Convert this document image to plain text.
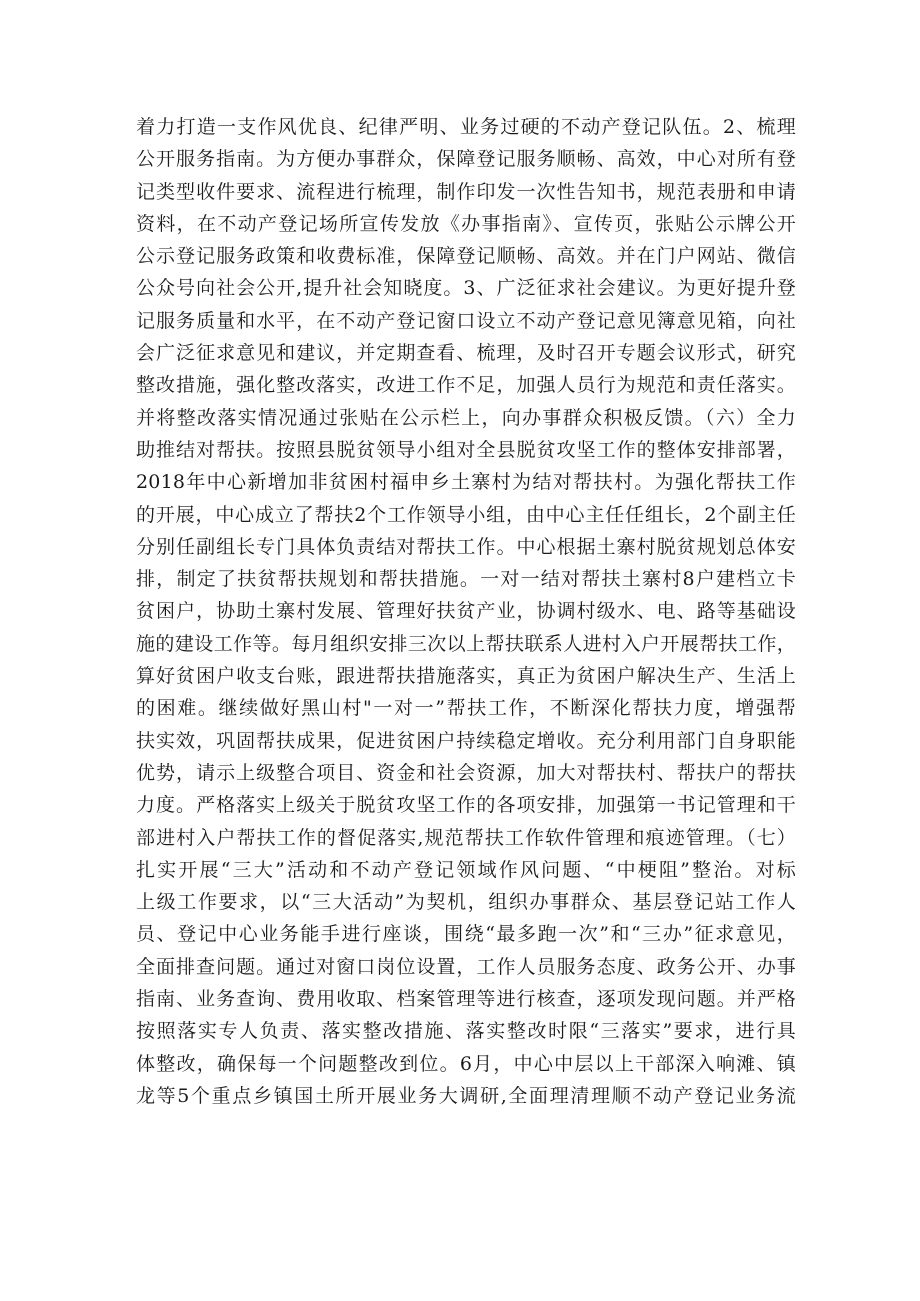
着力打造一支作风优良、纪律严明、业务过硬的不动产登记队伍。2、梳理
公开服务指南。为方便办事群众，保障登记服务顺畅、高效，中心对所有登
记类型收件要求、流程进行梳理，制作印发一次性告知书，规范表册和申请
资料，在不动产登记场所宣传发放《办事指南》、宣传页，张贴公示牌公开
公示登记服务政策和收费标准，保障登记顺畅、高效。并在门户网站、微信
公众号向社会公开,提升社会知晓度。3、广泛征求社会建议。为更好提升登
记服务质量和水平，在不动产登记窗口设立不动产登记意见簿意见箱，向社
会广泛征求意见和建议，并定期查看、梳理，及时召开专题会议形式，研究
整改措施，强化整改落实，改进工作不足，加强人员行为规范和责任落实。
并将整改落实情况通过张贴在公示栏上，向办事群众积极反馈。（六）全力
助推结对帮扶。按照县脱贫领导小组对全县脱贫攻坚工作的整体安排部署，
2018年中心新增加非贫困村福申乡土寨村为结对帮扶村。为强化帮扶工作
的开展，中心成立了帮扶2个工作领导小组，由中心主任任组长，2个副主任
分别任副组长专门具体负责结对帮扶工作。中心根据土寨村脱贫规划总体安
排，制定了扶贫帮扶规划和帮扶措施。一对一结对帮扶土寨村8户建档立卡
贫困户，协助土寨村发展、管理好扶贫产业，协调村级水、电、路等基础设
施的建设工作等。每月组织安排三次以上帮扶联系人进村入户开展帮扶工作，
算好贫困户收支台账，跟进帮扶措施落实，真正为贫困户解决生产、生活上
的困难。继续做好黑山村"一对一”帮扶工作，不断深化帮扶力度，增强帮
扶实效，巩固帮扶成果，促进贫困户持续稳定增收。充分利用部门自身职能
优势，请示上级整合项目、资金和社会资源，加大对帮扶村、帮扶户的帮扶
力度。严格落实上级关于脱贫攻坚工作的各项安排，加强第一书记管理和干
部进村入户帮扶工作的督促落实,规范帮扶工作软件管理和痕迹管理。（七）
扎实开展“三大”活动和不动产登记领域作风问题、“中梗阻”整治。对标
上级工作要求，以“三大活动”为契机，组织办事群众、基层登记站工作人
员、登记中心业务能手进行座谈，围绕“最多跑一次”和“三办”征求意见，
全面排查问题。通过对窗口岗位设置，工作人员服务态度、政务公开、办事
指南、业务查询、费用收取、档案管理等进行核查，逐项发现问题。并严格
按照落实专人负责、落实整改措施、落实整改时限“三落实”要求，进行具
体整改，确保每一个问题整改到位。6月，中心中层以上干部深入响滩、镇
龙等5个重点乡镇国土所开展业务大调研,全面理清理顺不动产登记业务流
